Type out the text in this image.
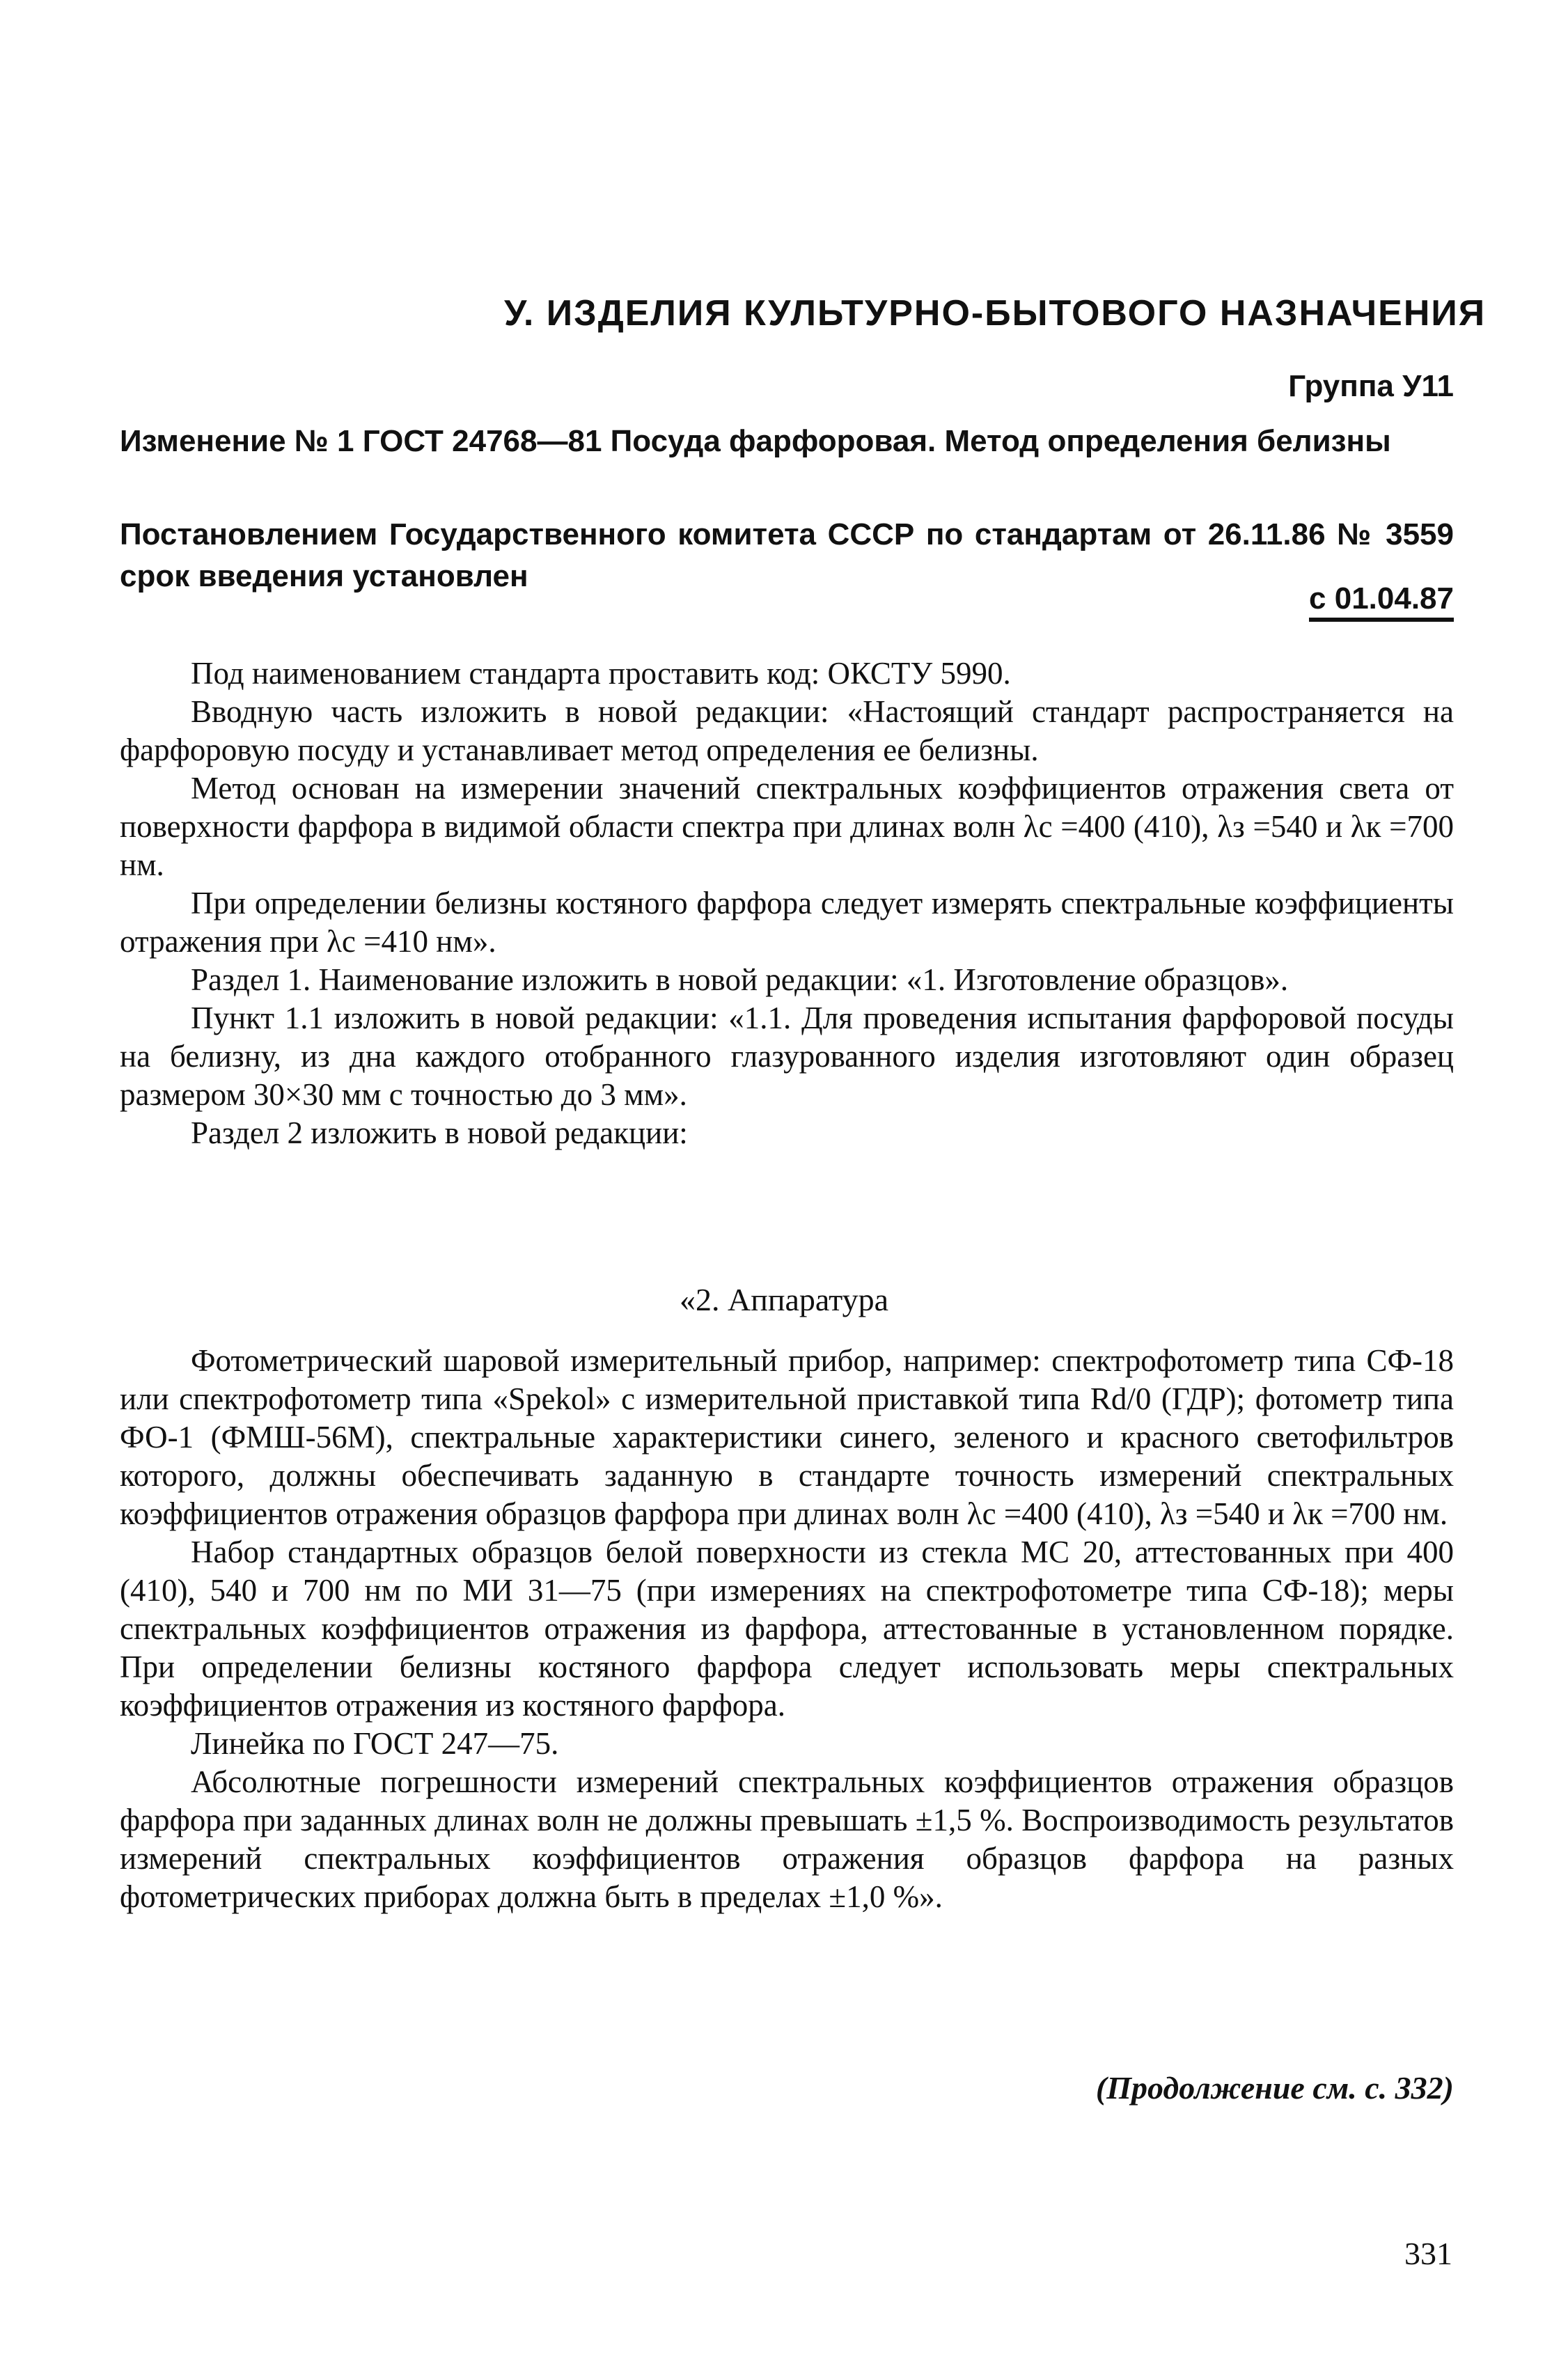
У. ИЗДЕЛИЯ КУЛЬТУРНО-БЫТОВОГО НАЗНАЧЕНИЯ
Группа У11
Изменение № 1 ГОСТ 24768—81 Посуда фарфоровая. Метод определения белизны
Постановлением Государственного комитета СССР по стандартам от 26.11.86 № 3559 срок введения установлен
с 01.04.87

Под наименованием стандарта проставить код: ОКСТУ 5990.

Вводную часть изложить в новой редакции: «Настоящий стандарт распространяется на фарфоровую посуду и устанавливает метод определения ее белизны.

Метод основан на измерении значений спектральных коэффициентов отражения света от поверхности фарфора в видимой области спектра при длинах волн λс =400 (410), λз =540 и λк =700 нм.

При определении белизны костяного фарфора следует измерять спектральные коэффициенты отражения при λс =410 нм».

Раздел 1. Наименование изложить в новой редакции: «1. Изготовление образцов».

Пункт 1.1 изложить в новой редакции: «1.1. Для проведения испытания фарфоровой посуды на белизну, из дна каждого отобранного глазурованного изделия изготовляют один образец размером 30×30 мм с точностью до 3 мм».

Раздел 2 изложить в новой редакции:

«2. Аппаратура

Фотометрический шаровой измерительный прибор, например: спектрофотометр типа СФ-18 или спектрофотометр типа «Spekol» с измерительной приставкой типа Rd/0 (ГДР); фотометр типа ФО-1 (ФМШ-56М), спектральные характеристики синего, зеленого и красного светофильтров которого, должны обеспечивать заданную в стандарте точность измерений спектральных коэффициентов отражения образцов фарфора при длинах волн λс =400 (410), λз =540 и λк =700 нм.

Набор стандартных образцов белой поверхности из стекла МС 20, аттестованных при 400 (410), 540 и 700 нм по МИ 31—75 (при измерениях на спектрофотометре типа СФ-18); меры спектральных коэффициентов отражения из фарфора, аттестованные в установленном порядке. При определении белизны костяного фарфора следует использовать меры спектральных коэффициентов отражения из костяного фарфора.

Линейка по ГОСТ 247—75.

Абсолютные погрешности измерений спектральных коэффициентов отражения образцов фарфора при заданных длинах волн не должны превышать ±1,5 %. Воспроизводимость результатов измерений спектральных коэффициентов отражения образцов фарфора на разных фотометрических приборах должна быть в пределах ±1,0 %».

(Продолжение см. с. 332)
331
